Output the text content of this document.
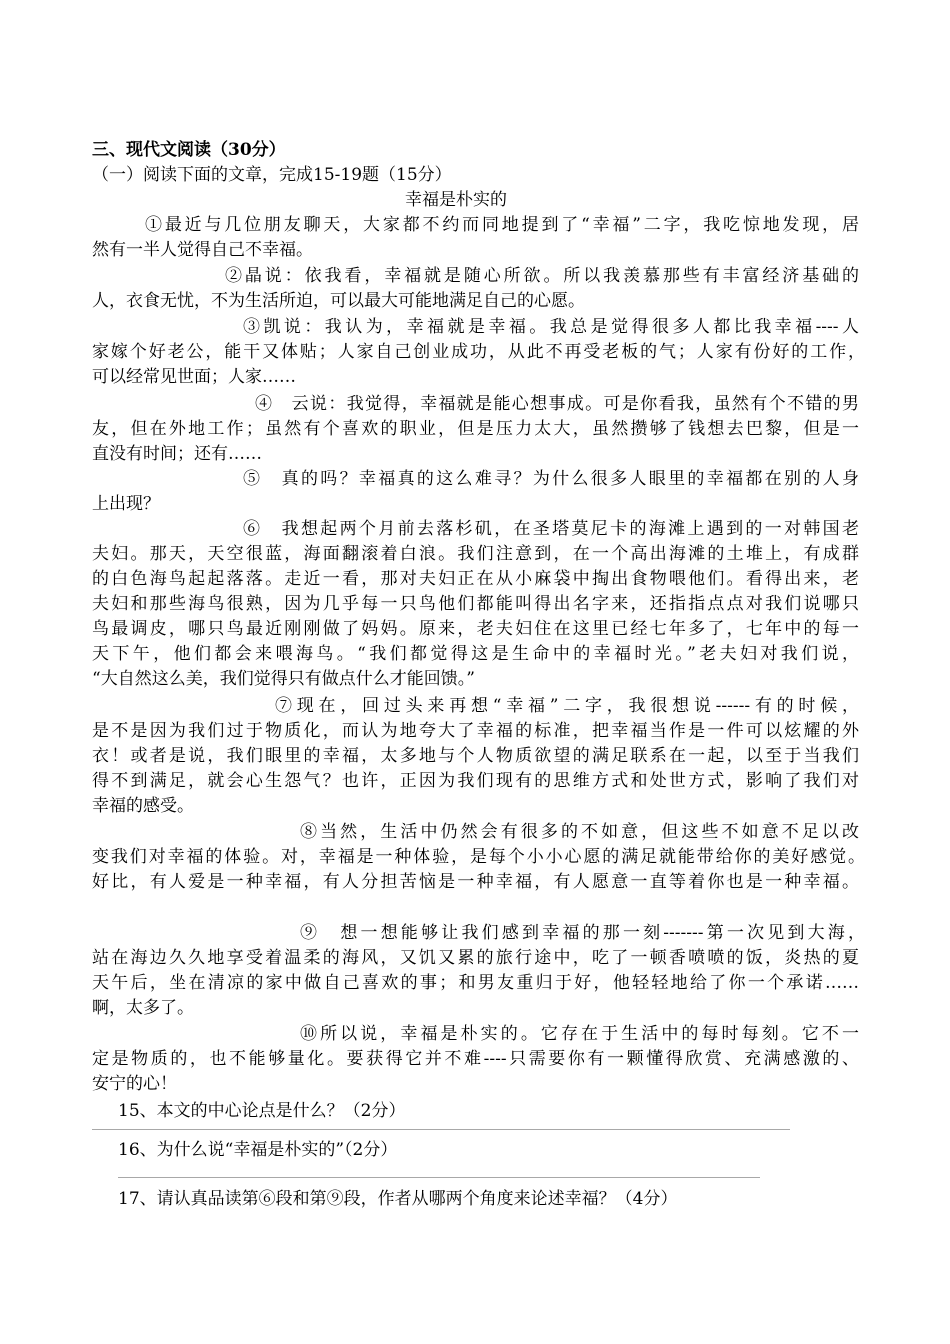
三、现代文阅读（30分）
（一）阅读下面的文章，完成15-19题（15分）
幸福是朴实的
①最近与几位朋友聊天，大家都不约而同地提到了“幸福”二字，我吃惊地发现，居
然有一半人觉得自己不幸福。
②晶说：依我看，幸福就是随心所欲。所以我羡慕那些有丰富经济基础的
人，衣食无忧，不为生活所迫，可以最大可能地满足自己的心愿。
③凯说：我认为，幸福就是幸福。我总是觉得很多人都比我幸福----人
家嫁个好老公，能干又体贴；人家自己创业成功，从此不再受老板的气；人家有份好的工作，
可以经常见世面；人家……
④　云说：我觉得，幸福就是能心想事成。可是你看我，虽然有个不错的男
友，但在外地工作；虽然有个喜欢的职业，但是压力太大，虽然攒够了钱想去巴黎，但是一
直没有时间；还有……
⑤　真的吗？幸福真的这么难寻？为什么很多人眼里的幸福都在别的人身
上出现？
⑥　我想起两个月前去落杉矶，在圣塔莫尼卡的海滩上遇到的一对韩国老
夫妇。那天，天空很蓝，海面翻滚着白浪。我们注意到，在一个高出海滩的土堆上，有成群
的白色海鸟起起落落。走近一看，那对夫妇正在从小麻袋中掏出食物喂他们。看得出来，老
夫妇和那些海鸟很熟，因为几乎每一只鸟他们都能叫得出名字来，还指指点点对我们说哪只
鸟最调皮，哪只鸟最近刚刚做了妈妈。原来，老夫妇住在这里已经七年多了，七年中的每一
天下午，他们都会来喂海鸟。“我们都觉得这是生命中的幸福时光。”老夫妇对我们说，
“大自然这么美，我们觉得只有做点什么才能回馈。”
⑦现在，回过头来再想“幸福”二字，我很想说------有的时候，
是不是因为我们过于物质化，而认为地夸大了幸福的标准，把幸福当作是一件可以炫耀的外
衣！或者是说，我们眼里的幸福，太多地与个人物质欲望的满足联系在一起，以至于当我们
得不到满足，就会心生怨气？也许，正因为我们现有的思维方式和处世方式，影响了我们对
幸福的感受。
⑧当然，生活中仍然会有很多的不如意，但这些不如意不足以改
变我们对幸福的体验。对，幸福是一种体验，是每个小小心愿的满足就能带给你的美好感觉。
好比，有人爱是一种幸福，有人分担苦恼是一种幸福，有人愿意一直等着你也是一种幸福。
⑨　想一想能够让我们感到幸福的那一刻-------第一次见到大海，
站在海边久久地享受着温柔的海风，又饥又累的旅行途中，吃了一顿香喷喷的饭，炎热的夏
天午后，坐在清凉的家中做自己喜欢的事；和男友重归于好，他轻轻地给了你一个承诺……
啊，太多了。
⑩所以说，幸福是朴实的。它存在于生活中的每时每刻。它不一
定是物质的，也不能够量化。要获得它并不难----只需要你有一颗懂得欣赏、充满感激的、
安宁的心！
15、本文的中心论点是什么？（2分）
16、为什么说“幸福是朴实的”（2分）
17、请认真品读第⑥段和第⑨段，作者从哪两个角度来论述幸福？（4分）
